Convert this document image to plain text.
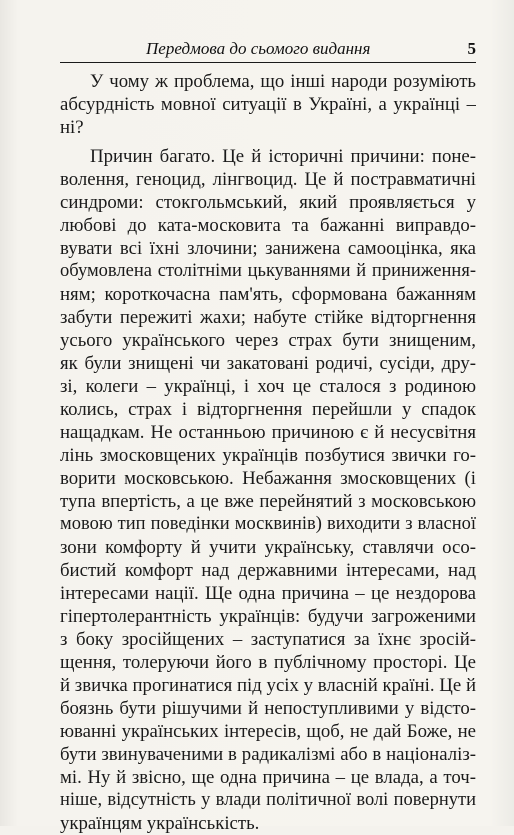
Передмова до сьомого видання	5
У чому ж проблема, що інші народи розуміють
абсурдність мовної ситуації в Україні, а українці –
ні?
Причин багато. Це й історичні причини: поне-
волення, геноцид, лінгвоцид. Це й постравматичні
синдроми: стокгольмський, який проявляється у
любові до ката-московита та бажанні виправдо-
вувати всі їхні злочини; занижена самооцінка, яка
обумовлена столітніми цькуваннями й приниження-
ням; короткочасна пам'ять, сформована бажанням
забути пережиті жахи; набуте стійке відторгнення
усього українського через страх бути знищеним,
як були знищені чи закатовані родичі, сусіди, дру-
зі, колеги – українці, і хоч це сталося з родиною
колись, страх і відторгнення перейшли у спадок
нащадкам. Не останньою причиною є й несусвітня
лінь змосковщених українців позбутися звички го-
ворити московською. Небажання змосковщених (і
тупа впертість, а це вже перейнятий з московською
мовою тип поведінки москвинів) виходити з власної
зони комфорту й учити українську, ставлячи осо-
бистий комфорт над державними інтересами, над
інтересами нації. Ще одна причина – це нездорова
гіпертолерантність українців: будучи загроженими
з боку зросійщених – заступатися за їхнє зросій-
щення, толеруючи його в публічному просторі. Це
й звичка прогинатися під усіх у власній країні. Це й
боязнь бути рішучими й непоступливими у відсто-
юванні українських інтересів, щоб, не дай Боже, не
бути звинуваченими в радикалізмі або в націоналіз-
мі. Ну й звісно, ще одна причина – це влада, а точ-
ніше, відсутність у влади політичної волі повернути
українцям українськість.
